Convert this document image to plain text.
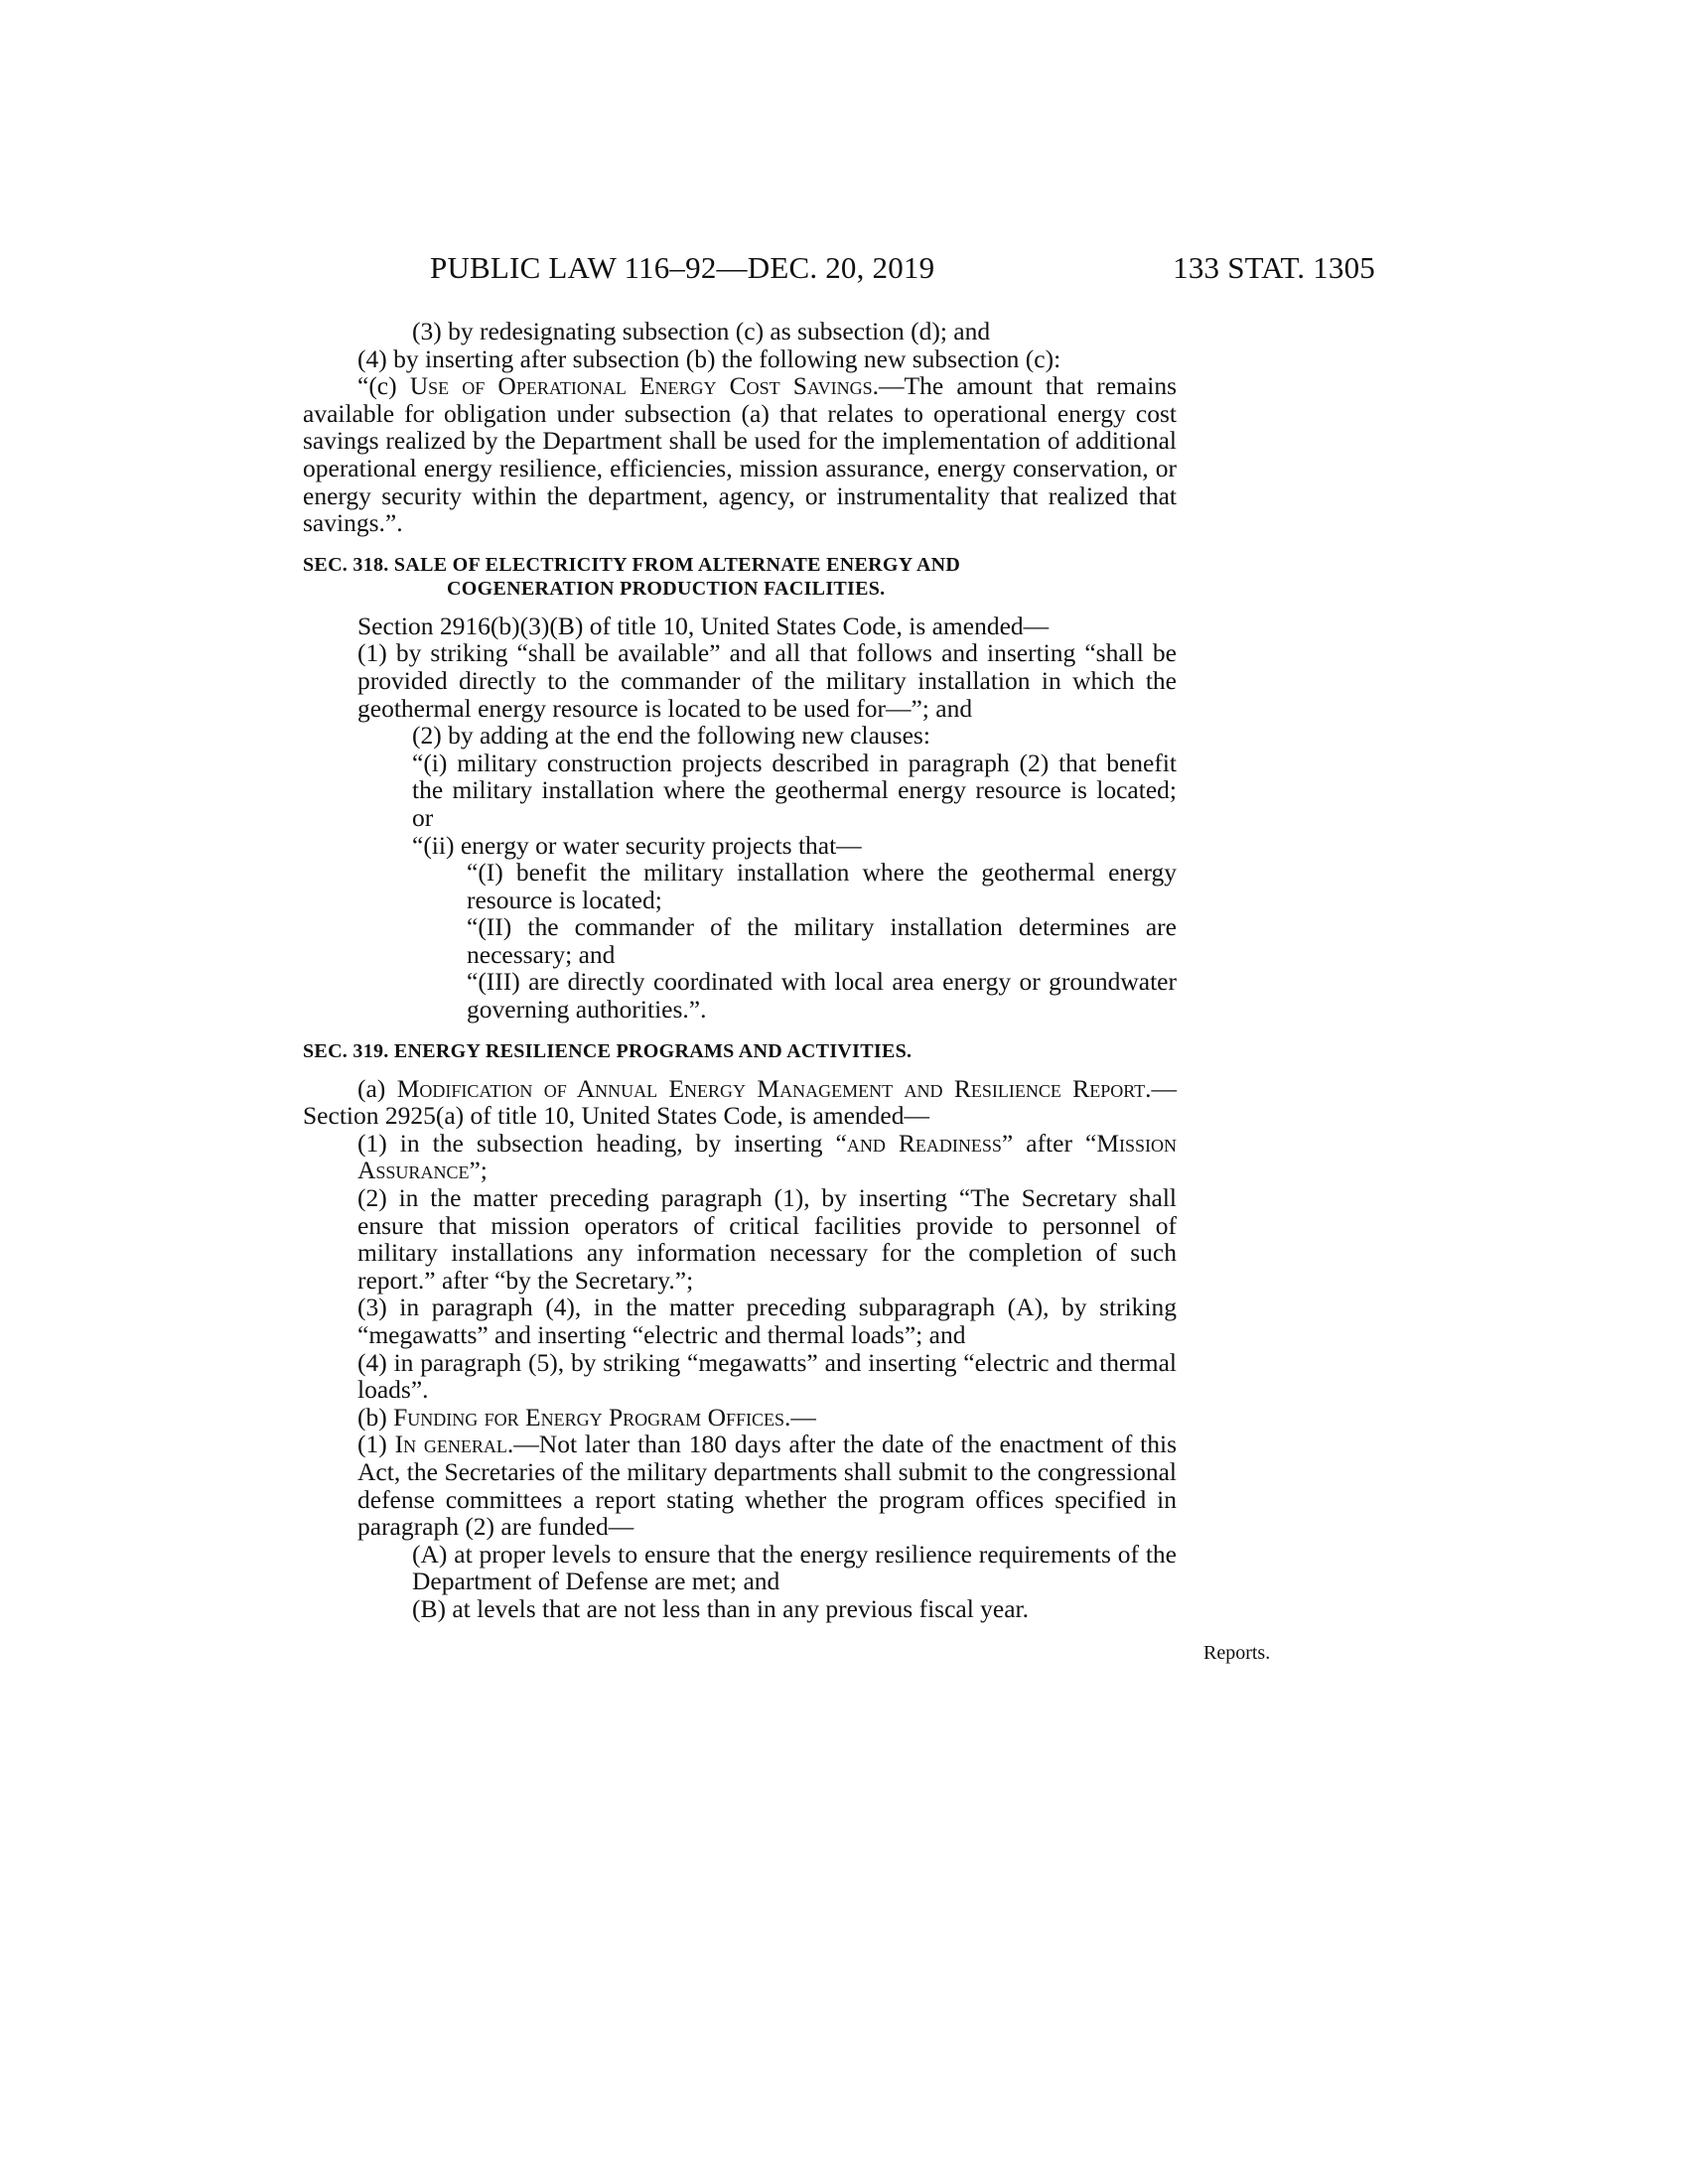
PUBLIC LAW 116–92—DEC. 20, 2019	133 STAT. 1305
Reports.

(3) by redesignating subsection (c) as subsection (d); and

(4) by inserting after subsection (b) the following new subsection (c):

“(c) Use of Operational Energy Cost Savings.—The amount that remains available for obligation under subsection (a) that relates to operational energy cost savings realized by the Department shall be used for the implementation of additional operational energy resilience, efficiencies, mission assurance, energy conservation, or energy security within the department, agency, or instrumentality that realized that savings.”.

SEC. 318. SALE OF ELECTRICITY FROM ALTERNATE ENERGY AND
COGENERATION PRODUCTION FACILITIES.

Section 2916(b)(3)(B) of title 10, United States Code, is amended—

(1) by striking “shall be available” and all that follows and inserting “shall be provided directly to the commander of the military installation in which the geothermal energy resource is located to be used for—”; and

(2) by adding at the end the following new clauses:

“(i) military construction projects described in paragraph (2) that benefit the military installation where the geothermal energy resource is located; or

“(ii) energy or water security projects that—

“(I) benefit the military installation where the geothermal energy resource is located;

“(II) the commander of the military installation determines are necessary; and

“(III) are directly coordinated with local area energy or groundwater governing authorities.”.

SEC. 319. ENERGY RESILIENCE PROGRAMS AND ACTIVITIES.

(a) Modification of Annual Energy Management and Resilience Report.—Section 2925(a) of title 10, United States Code, is amended—

(1) in the subsection heading, by inserting “and Readiness” after “Mission Assurance”;

(2) in the matter preceding paragraph (1), by inserting “The Secretary shall ensure that mission operators of critical facilities provide to personnel of military installations any information necessary for the completion of such report.” after “by the Secretary.”;

(3) in paragraph (4), in the matter preceding subparagraph (A), by striking “megawatts” and inserting “electric and thermal loads”; and

(4) in paragraph (5), by striking “megawatts” and inserting “electric and thermal loads”.

(b) Funding for Energy Program Offices.—

(1) In general.—Not later than 180 days after the date of the enactment of this Act, the Secretaries of the military departments shall submit to the congressional defense committees a report stating whether the program offices specified in paragraph (2) are funded—

(A) at proper levels to ensure that the energy resilience requirements of the Department of Defense are met; and

(B) at levels that are not less than in any previous fiscal year.
